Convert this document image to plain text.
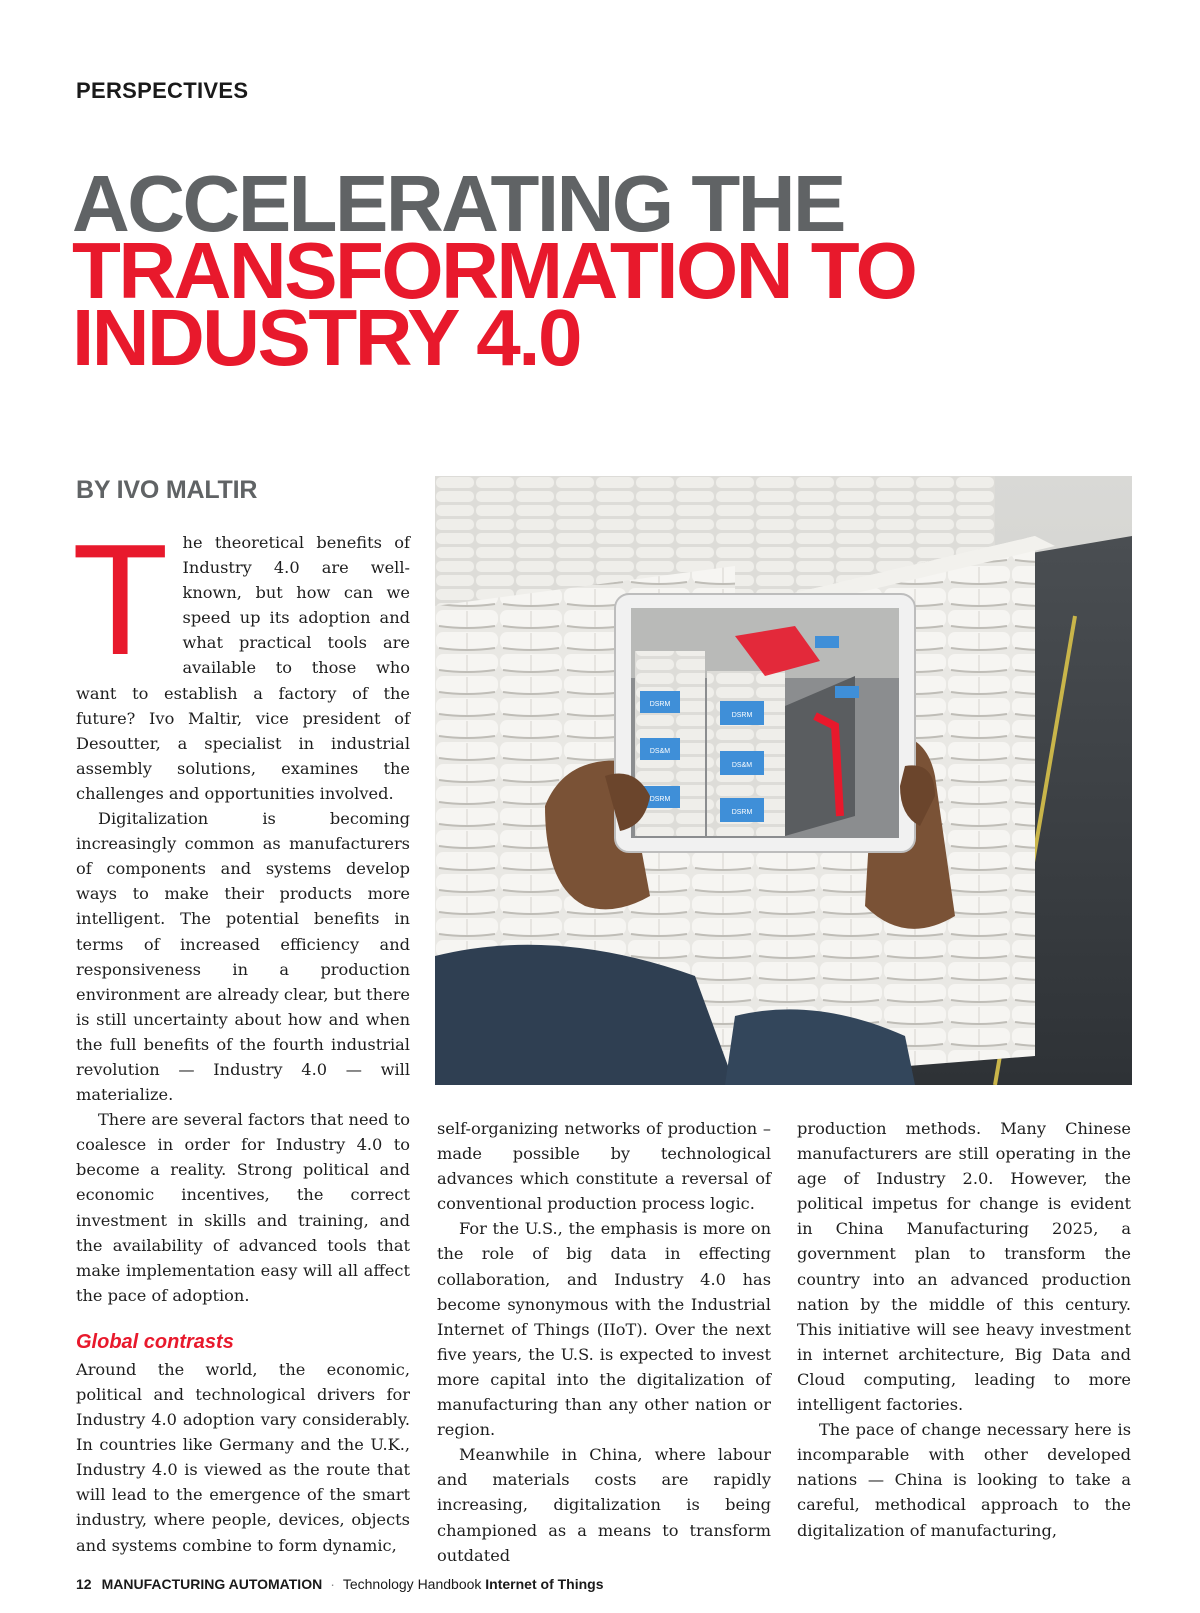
PERSPECTIVES
ACCELERATING THE
TRANSFORMATION TO
INDUSTRY 4.0
BY IVO MALTIR
DSRM
DS&M
DSRM
DSRM
DS&M
DSRM

The theoretical benefits of Industry 4.0 are well-known, but how can we speed up its adoption and what practical tools are available to those who want to establish a factory of the future? Ivo Maltir, vice president of Desoutter, a specialist in industrial assembly solutions, examines the challenges and opportunities involved.

Digitalization is becoming increasingly common as manufacturers of components and systems develop ways to make their products more intelligent. The potential benefits in terms of increased efficiency and responsiveness in a production environment are already clear, but there is still uncertainty about how and when the full benefits of the fourth industrial revolution — Industry 4.0 — will materialize.

There are several factors that need to coalesce in order for Industry 4.0 to become a reality. Strong political and economic incentives, the correct investment in skills and training, and the availability of advanced tools that make implementation easy will all affect the pace of adoption.

Global contrasts

Around the world, the economic, political and technological drivers for Industry 4.0 adoption vary considerably. In countries like Germany and the U.K., Industry 4.0 is viewed as the route that will lead to the emergence of the smart industry, where people, devices, objects and systems combine to form dynamic,

self-organizing networks of production – made possible by technological advances which constitute a reversal of conventional production process logic.

For the U.S., the emphasis is more on the role of big data in effecting collaboration, and Industry 4.0 has become synonymous with the Industrial Internet of Things (IIoT). Over the next five years, the U.S. is expected to invest more capital into the digitalization of manufacturing than any other nation or region.

Meanwhile in China, where labour and materials costs are rapidly increasing, digitalization is being championed as a means to transform outdated

production methods. Many Chinese manufacturers are still operating in the age of Industry 2.0. However, the political impetus for change is evident in China Manufacturing 2025, a government plan to transform the country into an advanced production nation by the middle of this century. This initiative will see heavy investment in internet architecture, Big Data and Cloud computing, leading to more intelligent factories.

The pace of change necessary here is incomparable with other developed nations — China is looking to take a careful, methodical approach to the digitalization of manufacturing,

12 MANUFACTURING AUTOMATION · Technology Handbook Internet of Things
